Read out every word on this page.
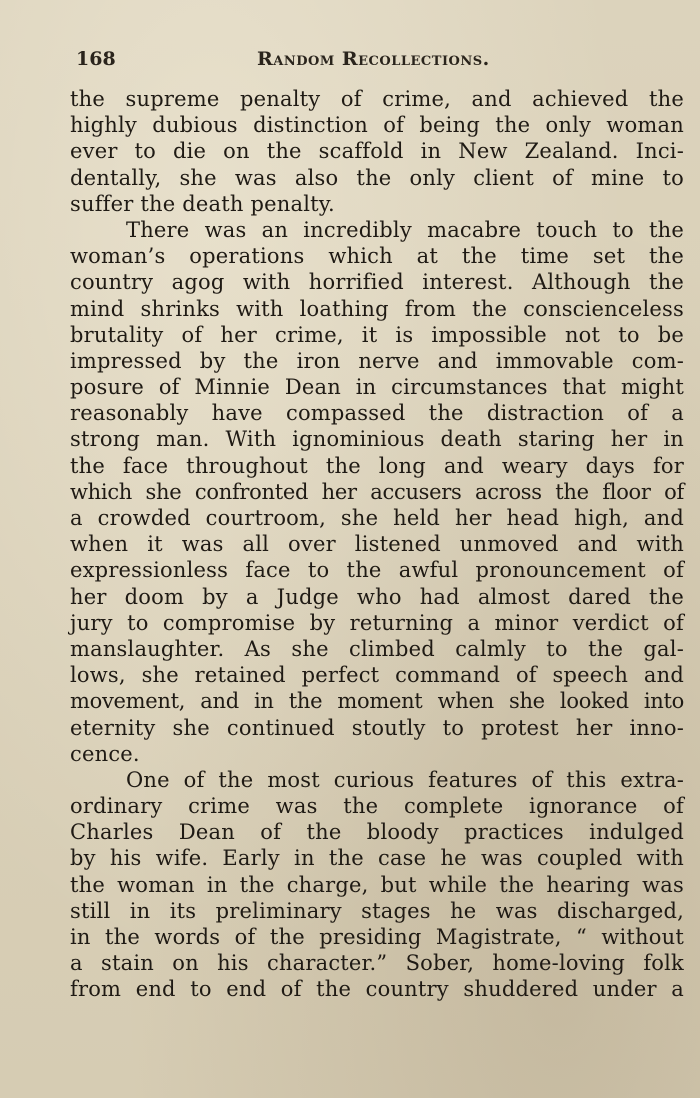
168	Random Recollections.
the supreme penalty of crime, and achieved the
highly dubious distinction of being the only woman
ever to die on the scaffold in New Zealand. Inci-
dentally, she was also the only client of mine to
suffer the death penalty.
There was an incredibly macabre touch to the
woman’s operations which at the time set the
country agog with horrified interest. Although the
mind shrinks with loathing from the conscienceless
brutality of her crime, it is impossible not to be
impressed by the iron nerve and immovable com-
posure of Minnie Dean in circumstances that might
reasonably have compassed the distraction of a
strong man. With ignominious death staring her in
the face throughout the long and weary days for
which she confronted her accusers across the floor of
a crowded courtroom, she held her head high, and
when it was all over listened unmoved and with
expressionless face to the awful pronouncement of
her doom by a Judge who had almost dared the
jury to compromise by returning a minor verdict of
manslaughter. As she climbed calmly to the gal-
lows, she retained perfect command of speech and
movement, and in the moment when she looked into
eternity she continued stoutly to protest her inno-
cence.
One of the most curious features of this extra-
ordinary crime was the complete ignorance of
Charles Dean of the bloody practices indulged
by his wife. Early in the case he was coupled with
the woman in the charge, but while the hearing was
still in its preliminary stages he was discharged,
in the words of the presiding Magistrate, “ without
a stain on his character.” Sober, home-loving folk
from end to end of the country shuddered under a
